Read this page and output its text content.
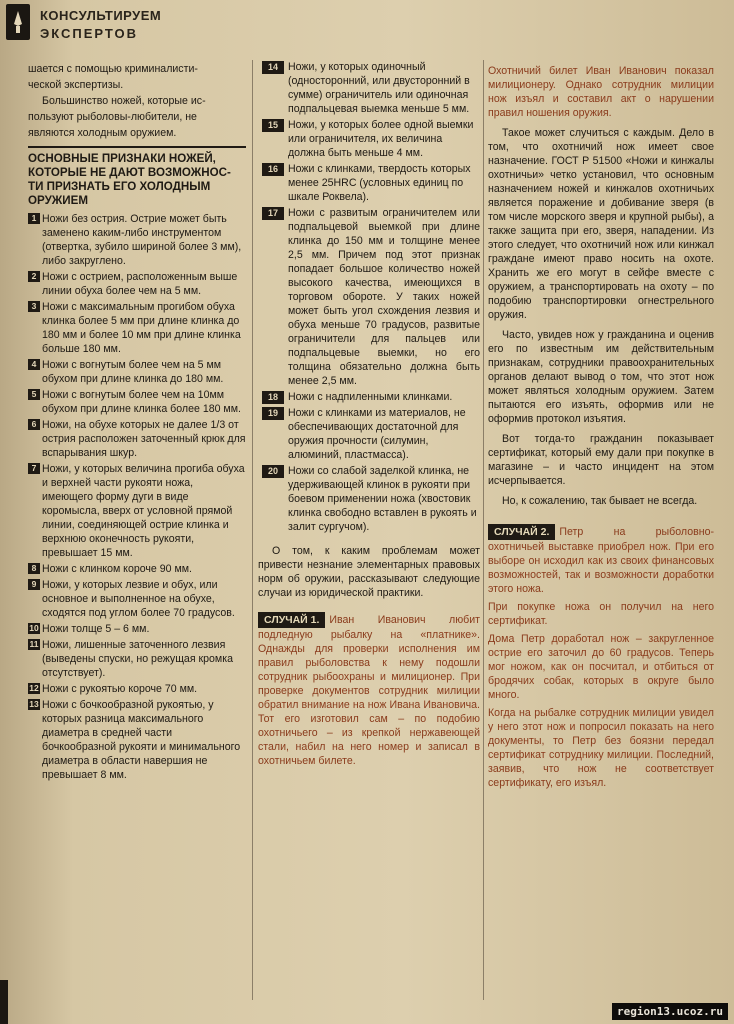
КОНСУЛЬТИРУЕМ
ЭКСПЕРТОВ

шается с помощью криминалисти-

ческой экспертизы.

Большинство ножей, которые ис-

пользуют рыболовы-любители, не

являются холодным оружием.

ОСНОВНЫЕ ПРИЗНАКИ НОЖЕЙ,
КОТОРЫЕ НЕ ДАЮТ ВОЗМОЖНОС-
ТИ ПРИЗНАТЬ ЕГО ХОЛОДНЫМ
ОРУЖИЕМ
1 Ножи без острия. Острие может быть заменено каким-либо инструментом (отвертка, зубило шириной более 3 мм), либо закруглено.
2 Ножи с острием, расположенным выше линии обуха более чем на 5 мм.
3 Ножи с максимальным прогибом обуха клинка более 5 мм при длине клинка до 180 мм и более 10 мм при длине клинка больше 180 мм.
4 Ножи с вогнутым более чем на 5 мм обухом при длине клинка до 180 мм.
5 Ножи с вогнутым более чем на 10мм обухом при длине клинка более 180 мм.
6 Ножи, на обухе которых не далее 1/3 от острия расположен заточенный крюк для вспарывания шкур.
7 Ножи, у которых величина прогиба обуха и верхней части рукояти ножа, имеющего форму дуги в виде коромысла, вверх от условной прямой линии, соединяющей острие клинка и верхнюю оконечность рукояти, превышает 15 мм.
8 Ножи с клинком короче 90 мм.
9 Ножи, у которых лезвие и обух, или основное и выполненное на обухе, сходятся под углом более 70 градусов.
10 Ножи толще 5 – 6 мм.
11 Ножи, лишенные заточенного лезвия (выведены спуски, но режущая кромка отсутствует).
12 Ножи с рукоятью короче 70 мм.
13 Ножи с бочкообразной рукоятью, у которых разница максимального диаметра в средней части бочкообразной рукояти и минимального диаметра в области навершия не превышает 8 мм.
14 Ножи, у которых одиночный (односторонний, или двусторонний в сумме) ограничитель или одиночная подпальцевая выемка меньше 5 мм.
15 Ножи, у которых более одной выемки или ограничителя, их величина должна быть меньше 4 мм.
16 Ножи с клинками, твердость которых менее 25HRC (условных единиц по шкале Роквела).
17 Ножи с развитым ограничителем или подпальцевой выемкой при длине клинка до 150 мм и толщине менее 2,5 мм. Причем под этот признак попадает большое количество ножей высокого качества, имеющихся в торговом обороте. У таких ножей может быть угол схождения лезвия и обуха меньше 70 градусов, развитые ограничители для пальцев или подпальцевые выемки, но его толщина обязательно должна быть менее 2,5 мм.
18 Ножи с надпиленными клинками.
19 Ножи с клинками из материалов, не обеспечивающих достаточной для оружия прочности (силумин, алюминий, пластмасса).
20 Ножи со слабой заделкой клинка, не удерживающей клинок в рукояти при боевом применении ножа (хвостовик клинка свободно вставлен в рукоять и залит сургучом).

О том, к каким проблемам может привести незнание элементарных правовых норм об оружии, рассказывают следующие случаи из юридической практики.

СЛУЧАЙ 1. Иван Иванович любит подледную рыбалку на «платнике». Однажды для проверки исполнения им правил рыболовства к нему подошли сотрудник рыбоохраны и милиционер. При проверке документов сотрудник милиции обратил внимание на нож Ивана Ивановича. Тот его изготовил сам – по подобию охотничьего – из крепкой нержавеющей стали, набил на него номер и записал в охотничьем билете.

Охотничий билет Иван Иванович показал милиционеру. Однако сотрудник милиции нож изъял и составил акт о нарушении правил ношения оружия.

Такое может случиться с каждым. Дело в том, что охотничий нож имеет свое назначение. ГОСТ Р 51500 «Ножи и кинжалы охотничьи» четко установил, что основным назначением ножей и кинжалов охотничьих является поражение и добивание зверя (в том числе морского зверя и крупной рыбы), а также защита при его, зверя, нападении. Из этого следует, что охотничий нож или кинжал граждане имеют право носить на охоте. Хранить же его могут в сейфе вместе с оружием, а транспортировать на охоту – по подобию транспортировки огнестрельного оружия.

Часто, увидев нож у гражданина и оценив его по известным им действительным признакам, сотрудники правоохранительных органов делают вывод о том, что этот нож может являться холодным оружием. Затем пытаются его изъять, оформив или не оформив протокол изъятия.

Вот тогда-то гражданин показывает сертификат, который ему дали при покупке в магазине – и часто инцидент на этом исчерпывается.

Но, к сожалению, так бывает не всегда.

СЛУЧАЙ 2. Петр на рыболовно-охотничьей выставке приобрел нож. При его выборе он исходил как из своих финансовых возможностей, так и возможности доработки этого ножа.

При покупке ножа он получил на него сертификат.

Дома Петр доработал нож – закругленное острие его заточил до 60 градусов. Теперь мог ножом, как он посчитал, и отбиться от бродячих собак, которых в округе было много.

Когда на рыбалке сотрудник милиции увидел у него этот нож и попросил показать на него документы, то Петр без боязни передал сертификат сотруднику милиции. Последний, заявив, что нож не соответствует сертификату, его изъял.

region13.ucoz.ru
